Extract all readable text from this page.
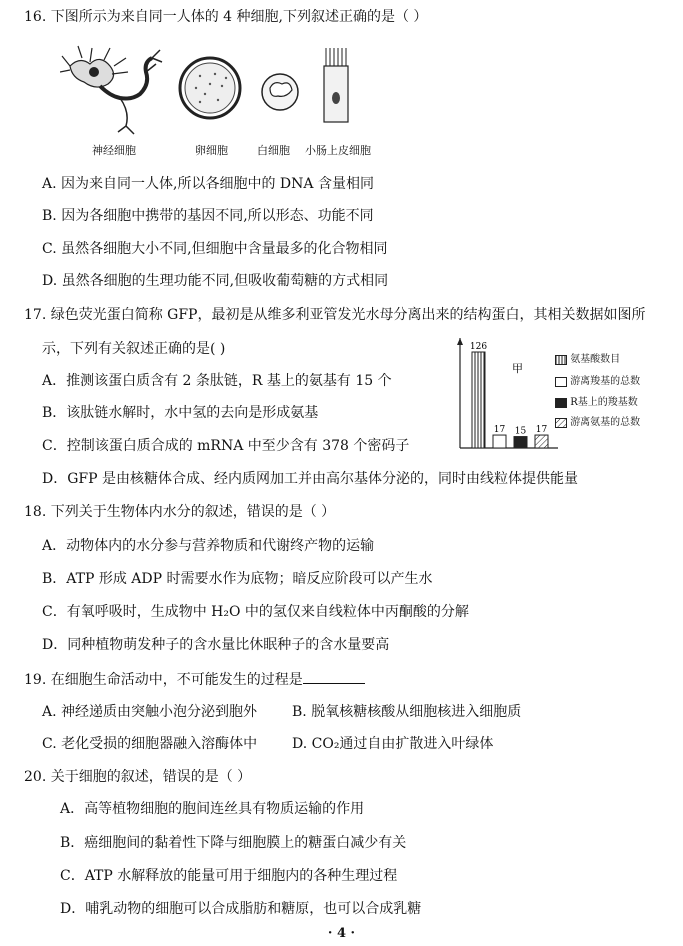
16. 下图所示为来自同一人体的 4 种细胞,下列叙述正确的是（ ）
神经细胞	卵细胞	白细胞 小肠上皮细胞
A. 因为来自同一人体,所以各细胞中的 DNA 含量相同
B. 因为各细胞中携带的基因不同,所以形态、功能不同
C. 虽然各细胞大小不同,但细胞中含量最多的化合物相同
D. 虽然各细胞的生理功能不同,但吸收葡萄糖的方式相同
17. 绿色荧光蛋白简称 GFP，最初是从维多利亚管发光水母分离出来的结构蛋白，其相关数据如图所
示，下列有关叙述正确的是( )
A．推测该蛋白质含有 2 条肽链，R 基上的氨基有 15 个
B．该肽链水解时，水中氢的去向是形成氨基
C．控制该蛋白质合成的 mRNA 中至少含有 378 个密码子
D．GFP 是由核糖体合成、经内质网加工并由高尔基体分泌的，同时由线粒体提供能量
甲
126
17 15 17
氨基酸数目
游离羧基的总数
R基上的羧基数
游离氨基的总数
18. 下列关于生物体内水分的叙述，错误的是（ ）
A．动物体内的水分参与营养物质和代谢终产物的运输
B．ATP 形成 ADP 时需要水作为底物；暗反应阶段可以产生水
C．有氧呼吸时，生成物中 H₂O 中的氢仅来自线粒体中丙酮酸的分解
D．同种植物萌发种子的含水量比休眠种子的含水量要高
19. 在细胞生命活动中，不可能发生的过程是
A. 神经递质由突触小泡分泌到胞外 B. 脱氧核糖核酸从细胞核进入细胞质
C. 老化受损的细胞器融入溶酶体中 D. CO₂通过自由扩散进入叶绿体
20. 关于细胞的叙述，错误的是（ ）
A．高等植物细胞的胞间连丝具有物质运输的作用
B．癌细胞间的黏着性下降与细胞膜上的糖蛋白减少有关
C．ATP 水解释放的能量可用于细胞内的各种生理过程
D．哺乳动物的细胞可以合成脂肪和糖原，也可以合成乳糖
· 4 ·
